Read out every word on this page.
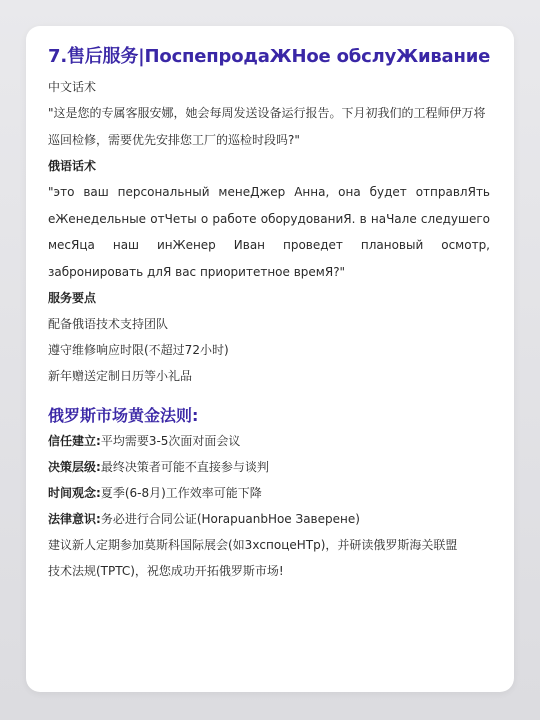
7.售后服务|ПоспепродаЖНое обслуЖивание

中文话术

"这是您的专属客服安娜，她会每周发送设备运行报告。下月初我们的工程师伊万将巡回检修，需要优先安排您工厂的巡检时段吗?"

俄语话术

"это ваш персональный менеДжер Анна, она будет отправлЯть

еЖенедельные отЧеты о работе оборудованиЯ. в наЧале следушего

месЯца наш инЖенер Иван проведет плановый осмотр,

забронировать длЯ вас приоритетное времЯ?"

服务要点

配备俄语技术支持团队

遵守维修响应时限(不超过72小时)

新年赠送定制日历等小礼品

俄罗斯市场黄金法则:

信任建立:平均需要3-5次面对面会议

决策层级:最终决策者可能不直接参与谈判

时间观念:夏季(6-8月)工作效率可能下降

法律意识:务必进行合同公证(HorapuanbHoe Заверене)

建议新人定期参加莫斯科国际展会(如3хспоцеНТр)，并研读俄罗斯海关联盟

技术法规(TPTC)，祝您成功开拓俄罗斯市场!
